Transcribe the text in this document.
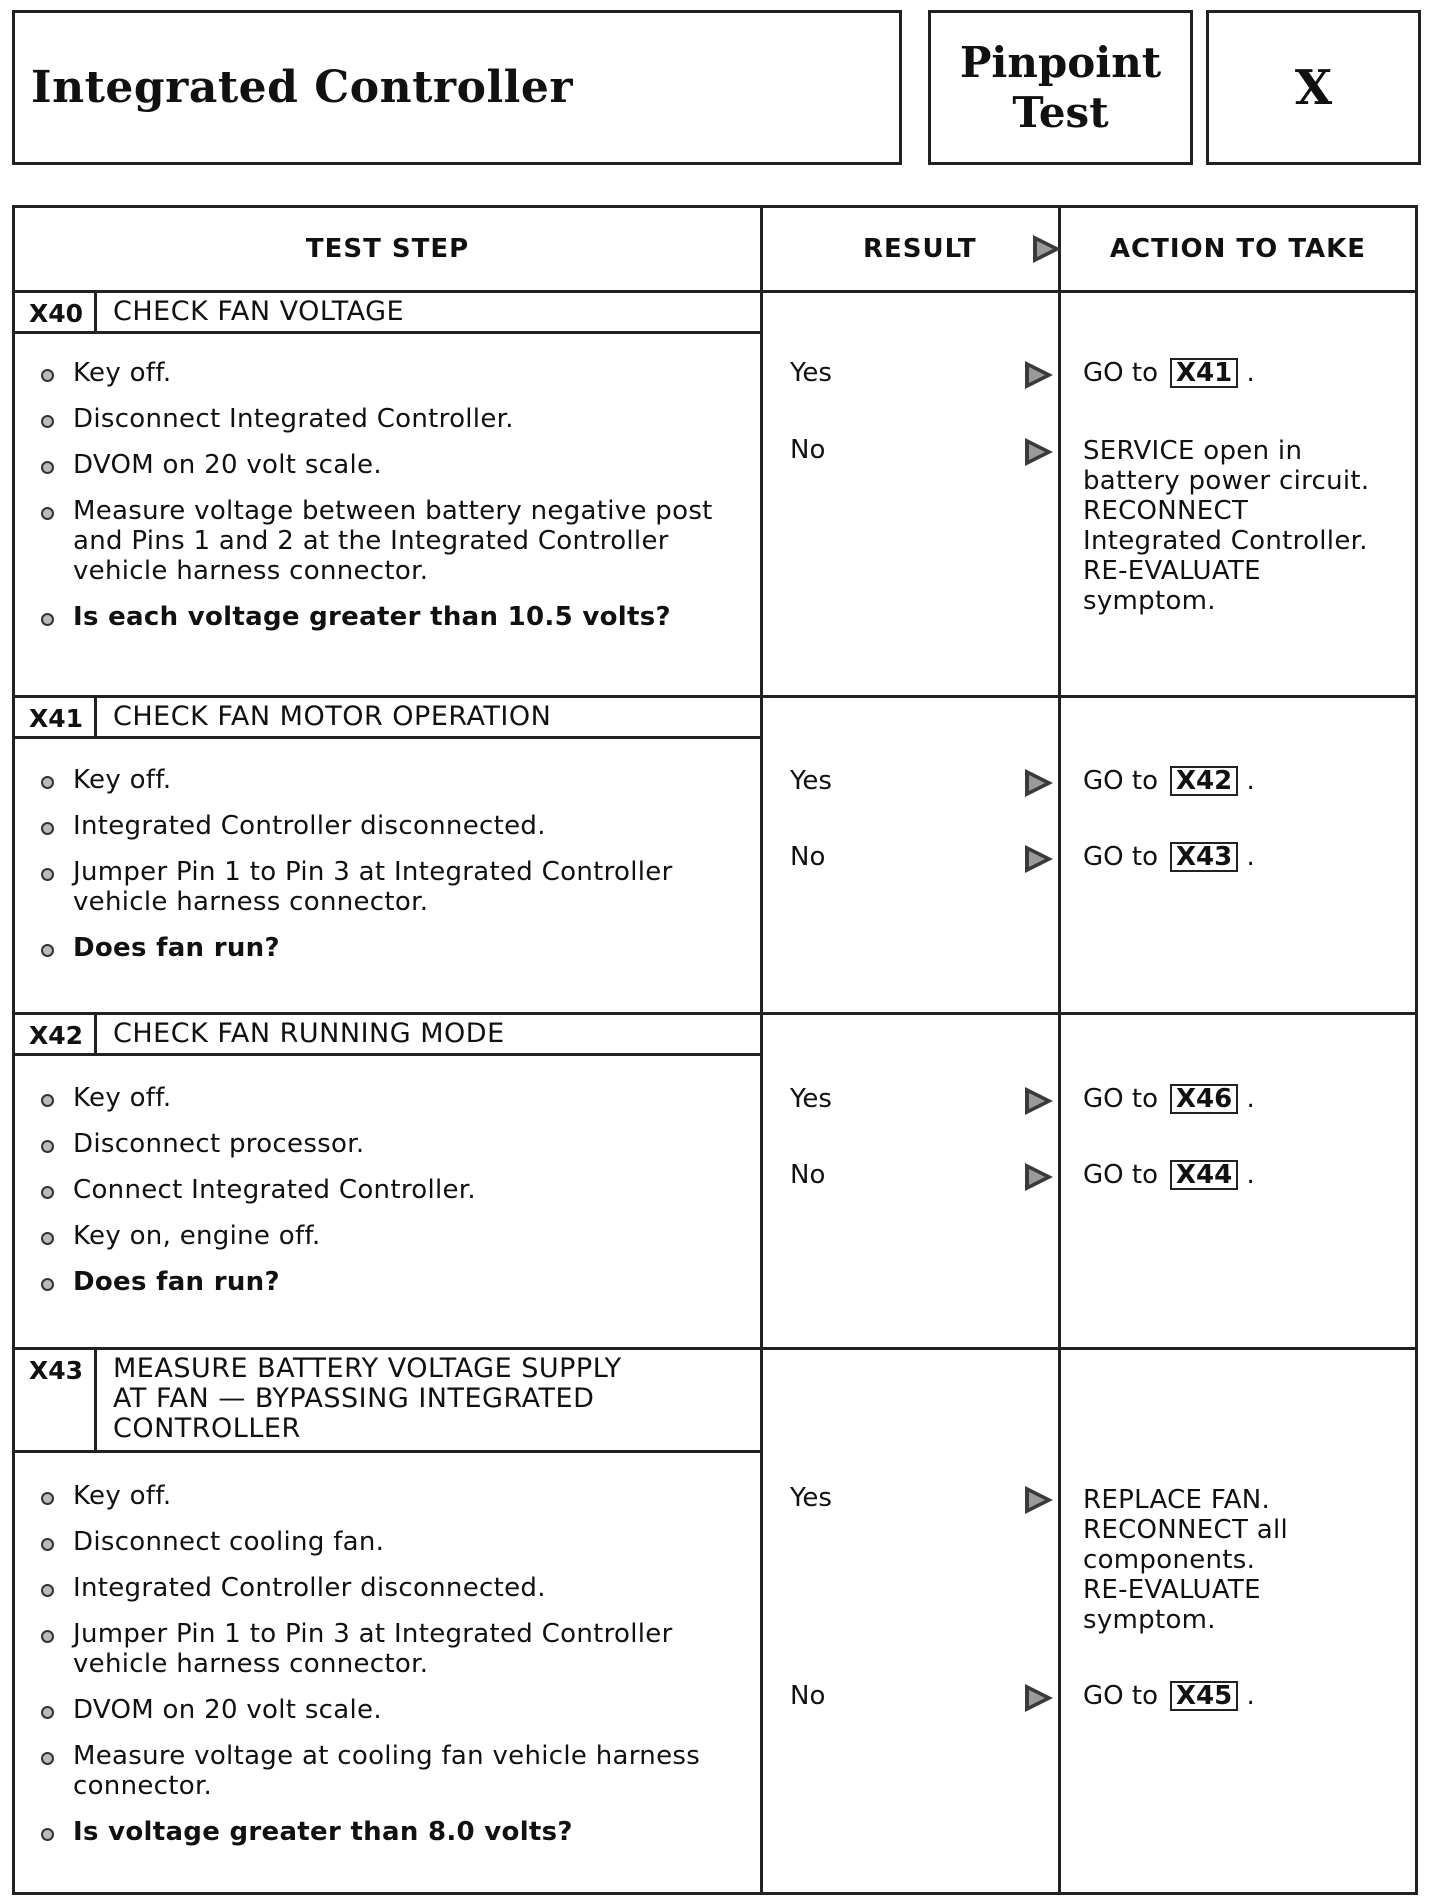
Integrated Controller	Pinpoint
Test	X
TEST STEP	RESULT	ACTION TO TAKE
X40	CHECK FAN VOLTAGE
Key off.
Disconnect Integrated Controller.
DVOM on 20 volt scale.
Measure voltage between battery negative post and Pins 1 and 2 at the Integrated Controller vehicle harness connector.
Is each voltage greater than 10.5 volts?
Yes	GO to X41 .
No	SERVICE open in
battery power circuit.
RECONNECT
Integrated Controller.
RE-EVALUATE
symptom.
X41	CHECK FAN MOTOR OPERATION
Key off.
Integrated Controller disconnected.
Jumper Pin 1 to Pin 3 at Integrated Controller vehicle harness connector.
Does fan run?
Yes	GO to X42 .
No	GO to X43 .
X42	CHECK FAN RUNNING MODE
Key off.
Disconnect processor.
Connect Integrated Controller.
Key on, engine off.
Does fan run?
Yes	GO to X46 .
No	GO to X44 .
X43	MEASURE BATTERY VOLTAGE SUPPLY
AT FAN — BYPASSING INTEGRATED
CONTROLLER
Key off.
Disconnect cooling fan.
Integrated Controller disconnected.
Jumper Pin 1 to Pin 3 at Integrated Controller vehicle harness connector.
DVOM on 20 volt scale.
Measure voltage at cooling fan vehicle harness connector.
Is voltage greater than 8.0 volts?
Yes	REPLACE FAN.
RECONNECT all
components.
RE-EVALUATE
symptom.
No	GO to X45 .
